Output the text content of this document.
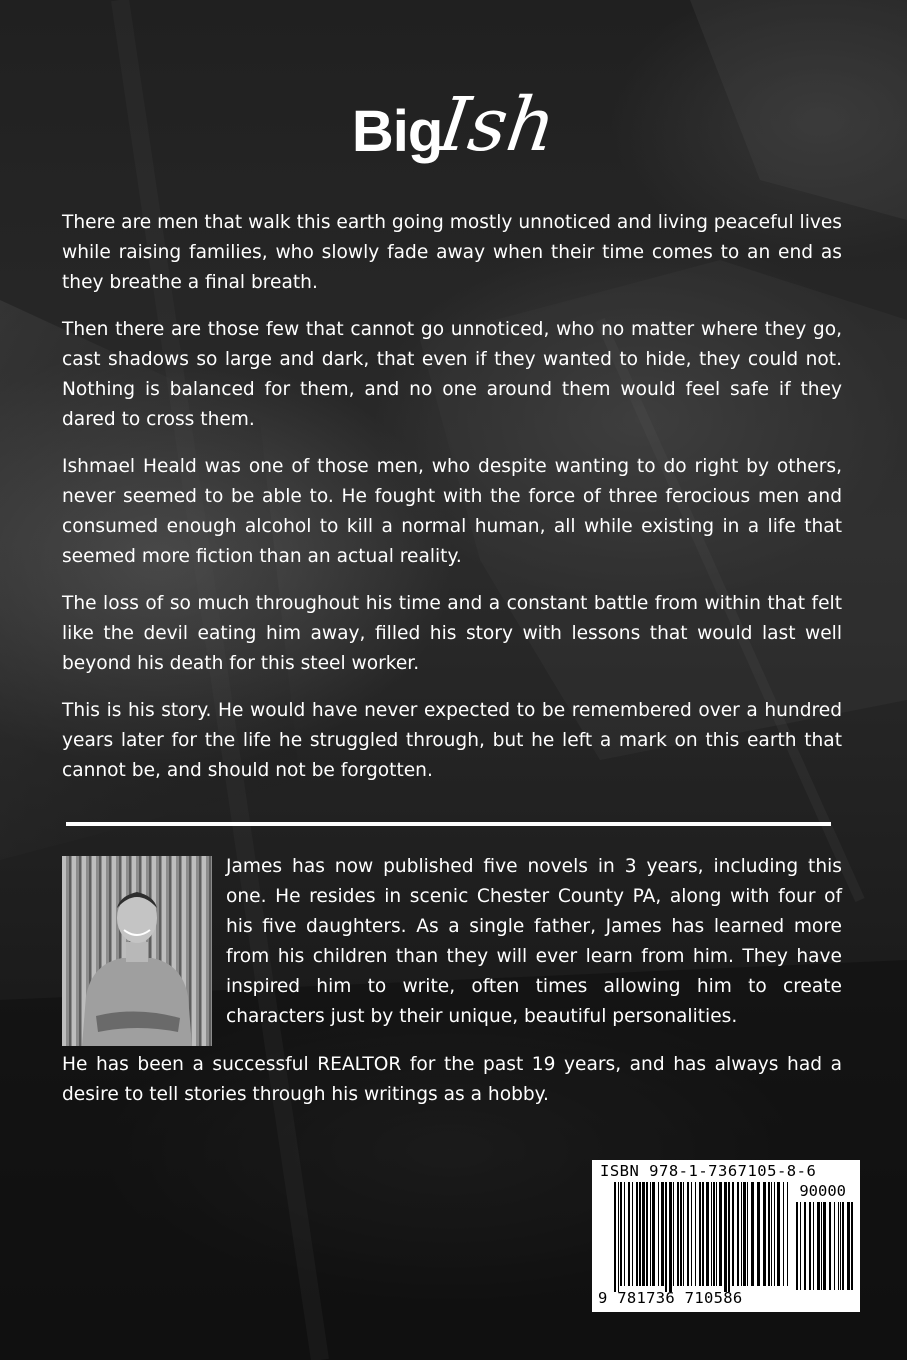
BigIsh

There are men that walk this earth going mostly unnoticed and living peaceful lives while raising families, who slowly fade away when their time comes to an end as they breathe a final breath.

Then there are those few that cannot go unnoticed, who no matter where they go, cast shadows so large and dark, that even if they wanted to hide, they could not. Nothing is balanced for them, and no one around them would feel safe if they dared to cross them.

Ishmael Heald was one of those men, who despite wanting to do right by others, never seemed to be able to. He fought with the force of three ferocious men and consumed enough alcohol to kill a normal human, all while existing in a life that seemed more fiction than an actual reality.

The loss of so much throughout his time and a constant battle from within that felt like the devil eating him away, filled his story with lessons that would last well beyond his death for this steel worker.

This is his story. He would have never expected to be remembered over a hundred years later for the life he struggled through, but he left a mark on this earth that cannot be, and should not be forgotten.

James has now published five novels in 3 years, including this one. He resides in scenic Chester County PA, along with four of his five daughters. As a single father, James has learned more from his children than they will ever learn from him. They have inspired him to write, often times allowing him to create characters just by their unique, beautiful personalities.

He has been a successful REALTOR for the past 19 years, and has always had a desire to tell stories through his writings as a hobby.

ISBN 978-1-7367105-8-6
90000
9 781736 710586
